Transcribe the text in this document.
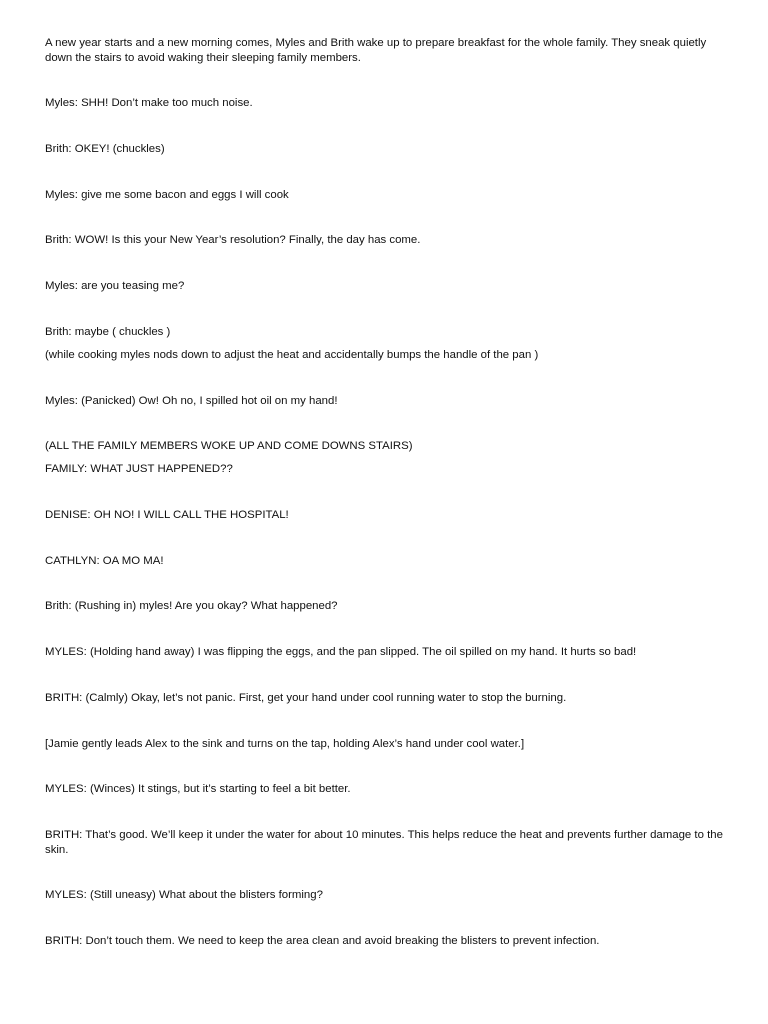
A new year starts and a new morning comes, Myles and Brith wake up to prepare breakfast for the whole family. They sneak quietly down the stairs to avoid waking their sleeping family members.

Myles: SHH! Don’t make too much noise.

Brith: OKEY! (chuckles)

Myles: give me some bacon and eggs I will cook

Brith: WOW! Is this your New Year’s resolution? Finally, the day has come.

Myles: are you teasing me?

Brith: maybe ( chuckles )

(while cooking myles nods down to adjust the heat and accidentally bumps the handle of the pan )

Myles: (Panicked) Ow! Oh no, I spilled hot oil on my hand!

(ALL THE FAMILY MEMBERS WOKE UP AND COME DOWNS STAIRS)

FAMILY: WHAT JUST HAPPENED??

DENISE: OH NO! I WILL CALL THE HOSPITAL!

CATHLYN: OA MO MA!

Brith: (Rushing in) myles! Are you okay? What happened?

MYLES: (Holding hand away) I was flipping the eggs, and the pan slipped. The oil spilled on my hand. It hurts so bad!

BRITH: (Calmly) Okay, let’s not panic. First, get your hand under cool running water to stop the burning.

[Jamie gently leads Alex to the sink and turns on the tap, holding Alex’s hand under cool water.]

MYLES: (Winces) It stings, but it’s starting to feel a bit better.

BRITH: That’s good. We’ll keep it under the water for about 10 minutes. This helps reduce the heat and prevents further damage to the skin.

MYLES: (Still uneasy) What about the blisters forming?

BRITH: Don’t touch them. We need to keep the area clean and avoid breaking the blisters to prevent infection.
